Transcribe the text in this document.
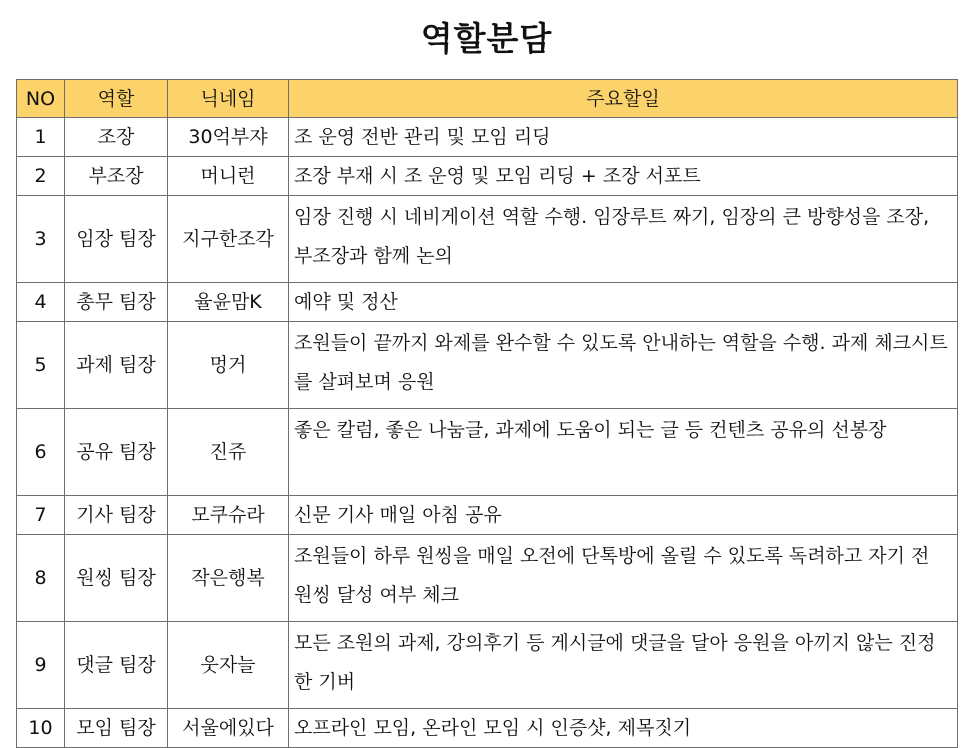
역할분담
NO	역할	닉네임	주요할일
1	조장	30억부쟈	조 운영 전반 관리 및 모임 리딩
2	부조장	머니런	조장 부재 시 조 운영 및 모임 리딩 + 조장 서포트
3	임장 팀장	지구한조각	임장 진행 시 네비게이션 역할 수행. 임장루트 짜기, 임장의 큰 방향성을 조장, 부조장과 함께 논의
4	총무 팀장	율윤맘K	예약 및 정산
5	과제 팀장	멍거	조원들이 끝까지 와제를 완수할 수 있도록 안내하는 역할을 수행. 과제 체크시트를 살펴보며 응원
6	공유 팀장	진쥬	좋은 칼럼, 좋은 나눔글, 과제에 도움이 되는 글 등 컨텐츠 공유의 선봉장
7	기사 팀장	모쿠슈라	신문 기사 매일 아침 공유
8	원씽 팀장	작은행복	조원들이 하루 원씽을 매일 오전에 단톡방에 올릴 수 있도록 독려하고 자기 전 원씽 달성 여부 체크
9	댓글 팀장	웃자늘	모든 조원의 과제, 강의후기 등 게시글에 댓글을 달아 응원을 아끼지 않는 진정한 기버
10	모임 팀장	서울에있다	오프라인 모임, 온라인 모임 시 인증샷, 제목짓기
